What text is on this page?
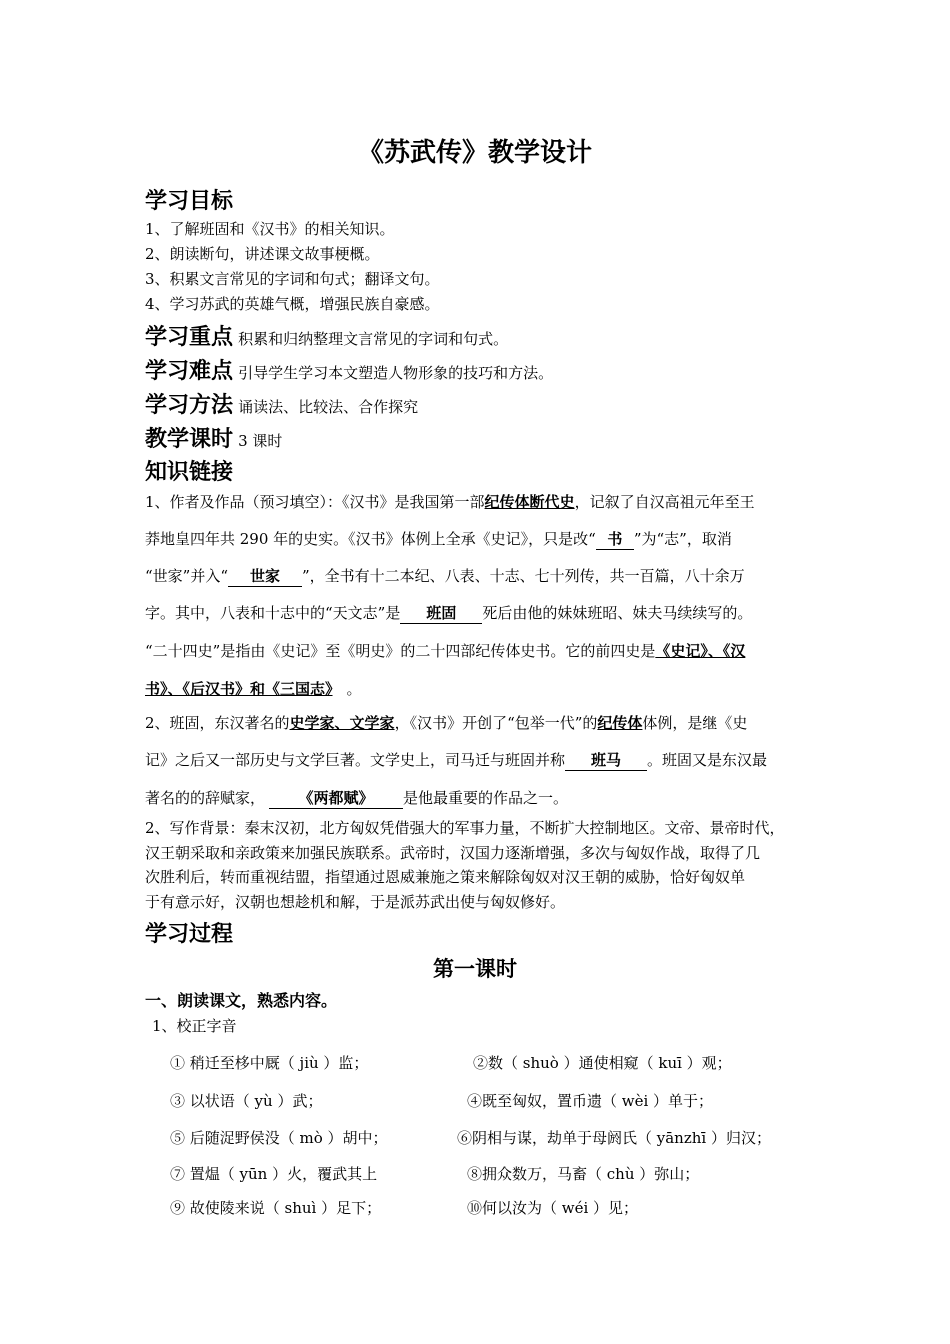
《苏武传》教学设计
学习目标
1、了解班固和《汉书》的相关知识。
2、朗读断句，讲述课文故事梗概。
3、积累文言常见的字词和句式；翻译文句。
4、学习苏武的英雄气概，增强民族自豪感。
学习重点 积累和归纳整理文言常见的字词和句式。
学习难点 引导学生学习本文塑造人物形象的技巧和方法。
学习方法 诵读法、比较法、合作探究
教学课时 3 课时
知识链接
1、作者及作品（预习填空）：《汉书》是我国第一部纪传体断代史，记叙了自汉高祖元年至王
莽地皇四年共 290 年的史实。《汉书》体例上全承《史记》，只是改“ 书 ”为“志”，取消
“世家”并入“ 世家 ”，全书有十二本纪、八表、十志、七十列传，共一百篇，八十余万
字。其中，八表和十志中的“天文志”是 班固 死后由他的妹妹班昭、妹夫马续续写的。
“二十四史”是指由《史记》至《明史》的二十四部纪传体史书。它的前四史是《史记》、《汉
书》、《后汉书》和《三国志》 。
2、班固，东汉著名的史学家、文学家，《汉书》开创了“包举一代”的纪传体体例，是继《史
记》之后又一部历史与文学巨著。文学史上，司马迁与班固并称 班马 。班固又是东汉最
著名的的辞赋家， 《两都赋》 是他最重要的作品之一。
2、写作背景：秦末汉初，北方匈奴凭借强大的军事力量，不断扩大控制地区。文帝、景帝时代，
汉王朝采取和亲政策来加强民族联系。武帝时，汉国力逐渐增强，多次与匈奴作战，取得了几
次胜利后，转而重视结盟，指望通过恩威兼施之策来解除匈奴对汉王朝的威胁，恰好匈奴单
于有意示好，汉朝也想趁机和解，于是派苏武出使与匈奴修好。
学习过程
第一课时
一、朗读课文，熟悉内容。
1、校正字音
① 稍迁至栘中厩（ jiù ）监；	②数（ shuò ）通使相窥（ kuī ）观；
③ 以状语（ yù ）武；	④既至匈奴，置币遗（ wèi ）单于；
⑤ 后随浞野侯没（ mò ）胡中；	⑥阴相与谋，劫单于母阏氏（ yānzhī ）归汉；
⑦ 置煴（ yūn ）火，覆武其上	⑧拥众数万，马畜（ chù ）弥山；
⑨ 故使陵来说（ shuì ）足下；	⑩何以汝为（ wéi ）见；
